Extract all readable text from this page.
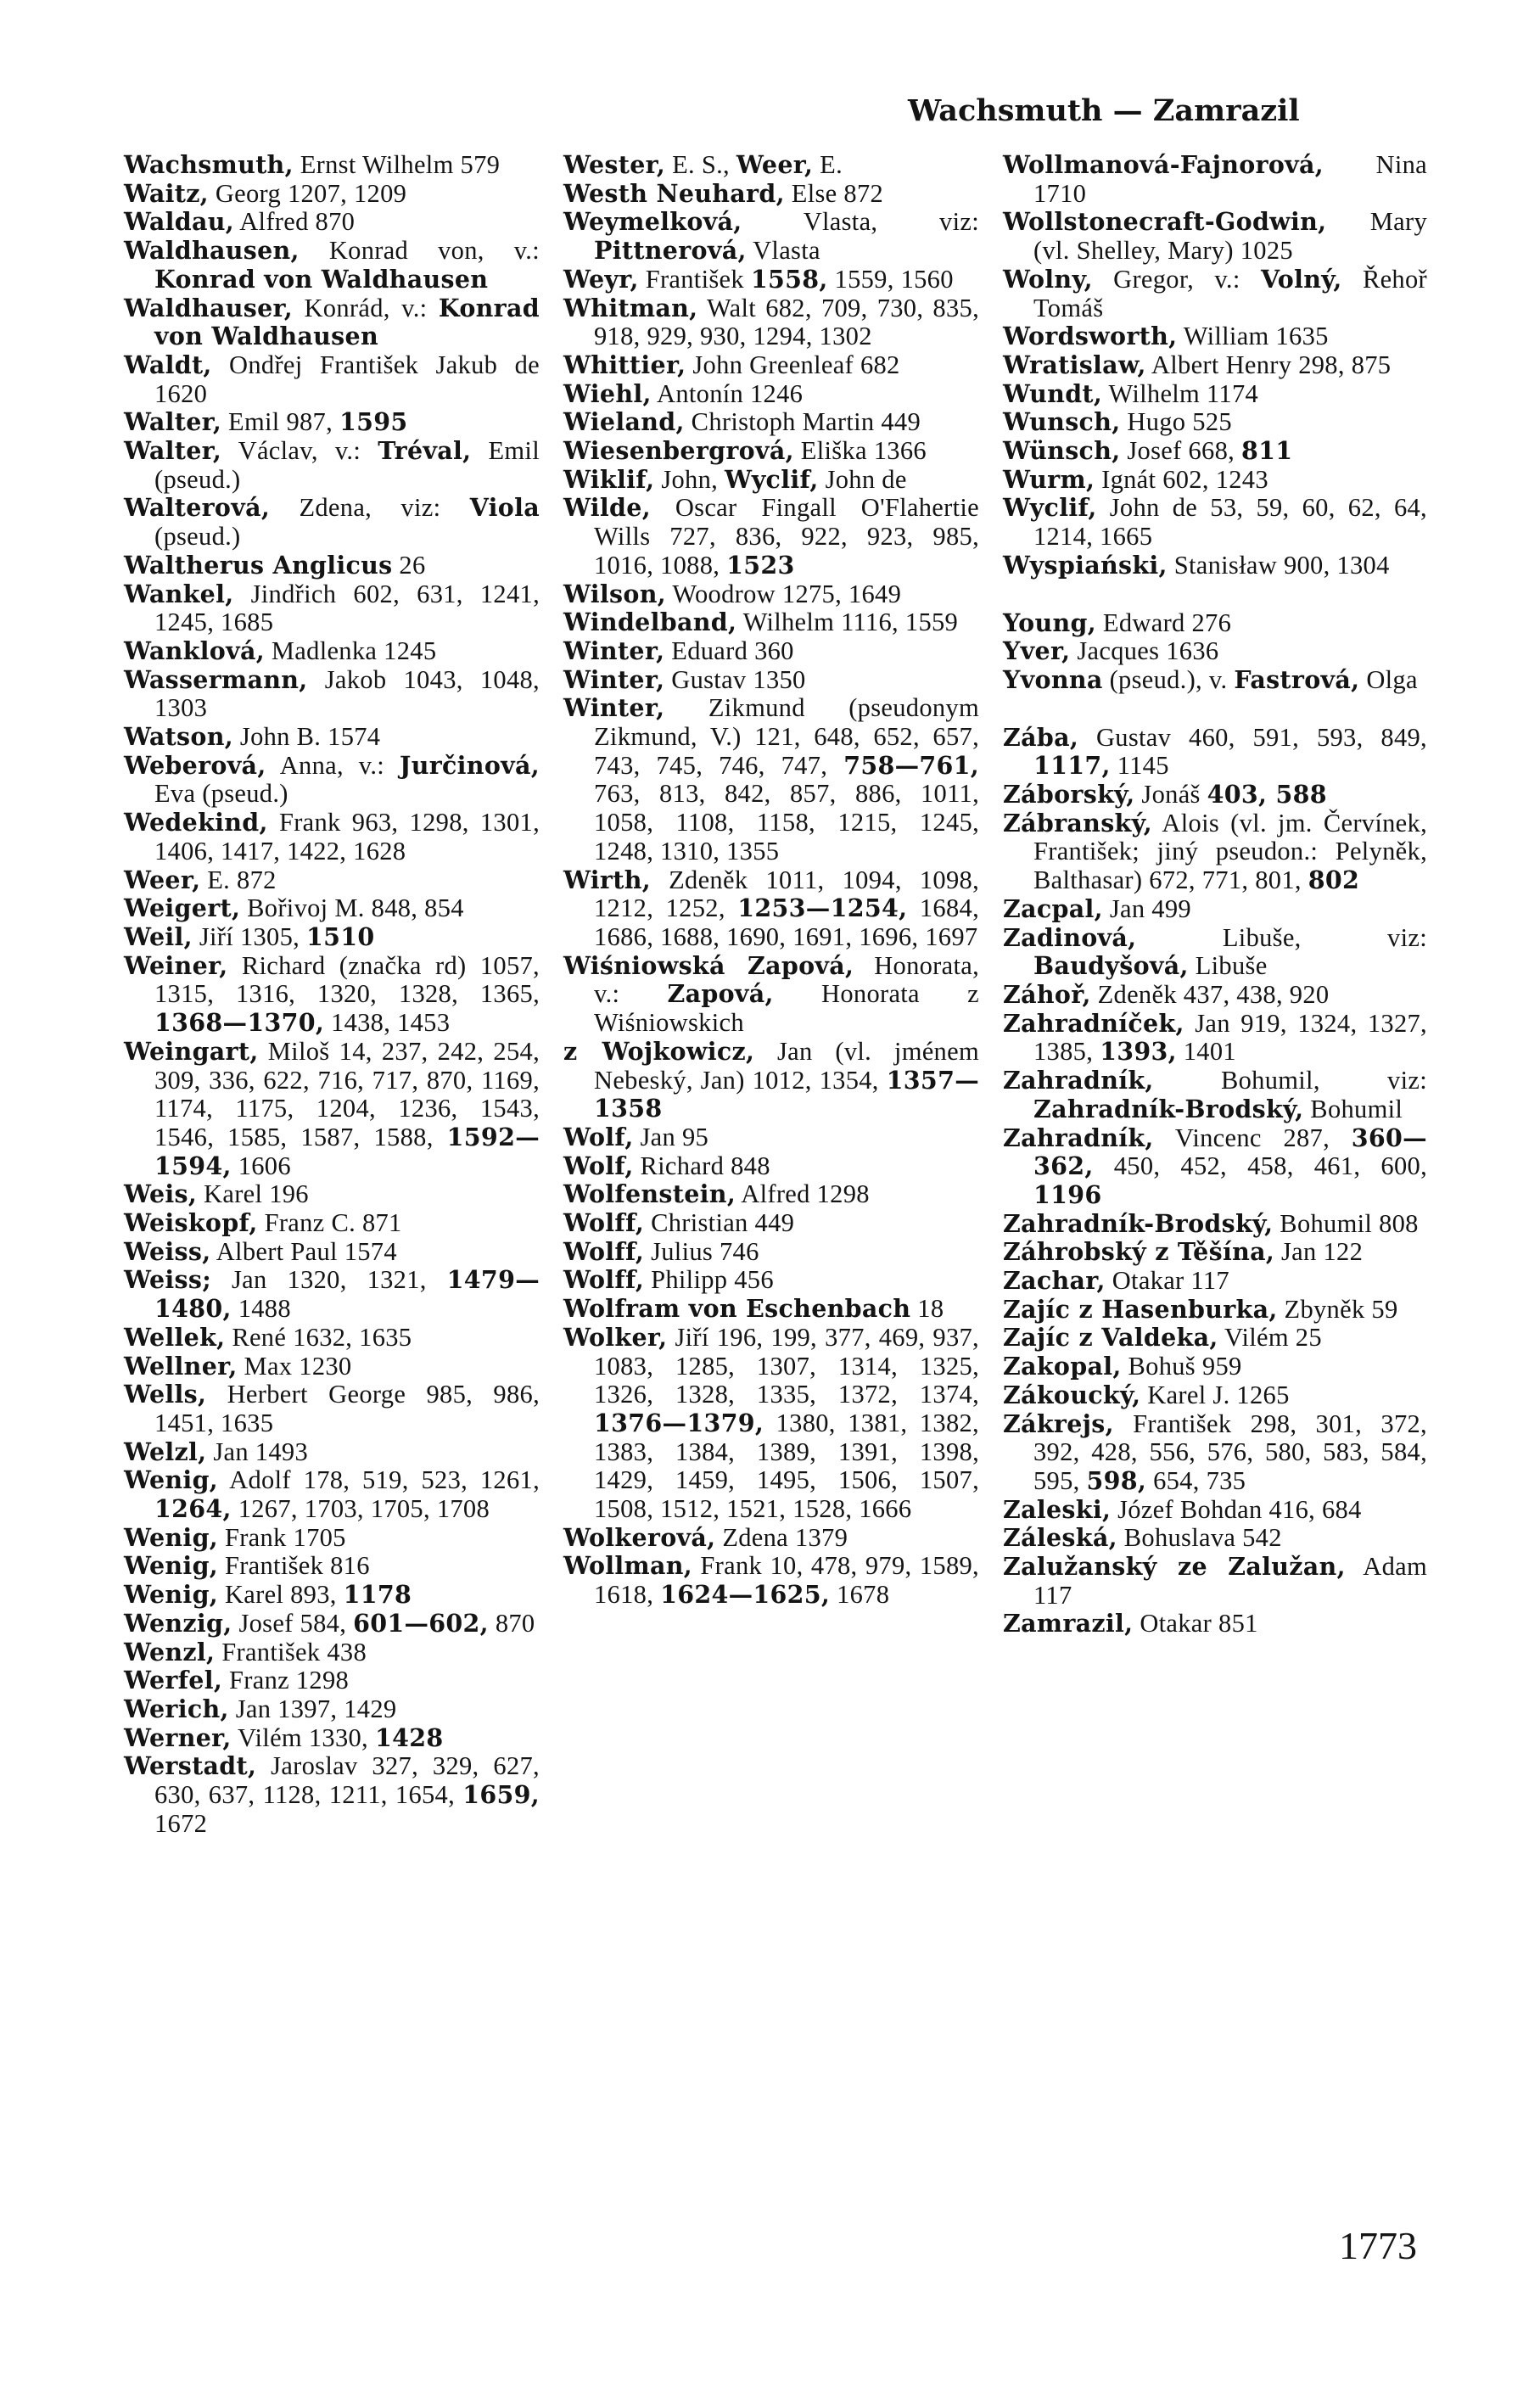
Wachsmuth — Zamrazil

Wachsmuth, Ernst Wilhelm 579

Waitz, Georg 1207, 1209

Waldau, Alfred 870

Waldhausen, Konrad von, v.: Konrad von Waldhausen

Waldhauser, Konrád, v.: Konrad von Waldhausen

Waldt, Ondřej František Jakub de 1620

Walter, Emil 987, 1595

Walter, Václav, v.: Tréval, Emil (pseud.)

Walterová, Zdena, viz: Viola (pseud.)

Waltherus Anglicus 26

Wankel, Jindřich 602, 631, 1241, 1245, 1685

Wanklová, Madlenka 1245

Wassermann, Jakob 1043, 1048, 1303

Watson, John B. 1574

Weberová, Anna, v.: Jurčinová, Eva (pseud.)

Wedekind, Frank 963, 1298, 1301, 1406, 1417, 1422, 1628

Weer, E. 872

Weigert, Bořivoj M. 848, 854

Weil, Jiří 1305, 1510

Weiner, Richard (značka rd) 1057, 1315, 1316, 1320, 1328, 1365, 1368—1370, 1438, 1453

Weingart, Miloš 14, 237, 242, 254, 309, 336, 622, 716, 717, 870, 1169, 1174, 1175, 1204, 1236, 1543, 1546, 1585, 1587, 1588, 1592—1594, 1606

Weis, Karel 196

Weiskopf, Franz C. 871

Weiss, Albert Paul 1574

Weiss; Jan 1320, 1321, 1479—1480, 1488

Wellek, René 1632, 1635

Wellner, Max 1230

Wells, Herbert George 985, 986, 1451, 1635

Welzl, Jan 1493

Wenig, Adolf 178, 519, 523, 1261, 1264, 1267, 1703, 1705, 1708

Wenig, Frank 1705

Wenig, František 816

Wenig, Karel 893, 1178

Wenzig, Josef 584, 601—602, 870

Wenzl, František 438

Werfel, Franz 1298

Werich, Jan 1397, 1429

Werner, Vilém 1330, 1428

Werstadt, Jaroslav 327, 329, 627, 630, 637, 1128, 1211, 1654, 1659, 1672

Wester, E. S., Weer, E.

Westh Neuhard, Else 872

Weymelková, Vlasta, viz: Pittnerová, Vlasta

Weyr, František 1558, 1559, 1560

Whitman, Walt 682, 709, 730, 835, 918, 929, 930, 1294, 1302

Whittier, John Greenleaf 682

Wiehl, Antonín 1246

Wieland, Christoph Martin 449

Wiesenbergrová, Eliška 1366

Wiklif, John, Wyclif, John de

Wilde, Oscar Fingall O'Flahertie Wills 727, 836, 922, 923, 985, 1016, 1088, 1523

Wilson, Woodrow 1275, 1649

Windelband, Wilhelm 1116, 1559

Winter, Eduard 360

Winter, Gustav 1350

Winter, Zikmund (pseudonym Zikmund, V.) 121, 648, 652, 657, 743, 745, 746, 747, 758—761, 763, 813, 842, 857, 886, 1011, 1058, 1108, 1158, 1215, 1245, 1248, 1310, 1355

Wirth, Zdeněk 1011, 1094, 1098, 1212, 1252, 1253—1254, 1684, 1686, 1688, 1690, 1691, 1696, 1697

Wiśniowská Zapová, Honorata, v.: Zapová, Honorata z Wiśniowskich

z Wojkowicz, Jan (vl. jménem Nebeský, Jan) 1012, 1354, 1357—1358

Wolf, Jan 95

Wolf, Richard 848

Wolfenstein, Alfred 1298

Wolff, Christian 449

Wolff, Julius 746

Wolff, Philipp 456

Wolfram von Eschenbach 18

Wolker, Jiří 196, 199, 377, 469, 937, 1083, 1285, 1307, 1314, 1325, 1326, 1328, 1335, 1372, 1374, 1376—1379, 1380, 1381, 1382, 1383, 1384, 1389, 1391, 1398, 1429, 1459, 1495, 1506, 1507, 1508, 1512, 1521, 1528, 1666

Wolkerová, Zdena 1379

Wollman, Frank 10, 478, 979, 1589, 1618, 1624—1625, 1678

Wollmanová-Fajnorová, Nina 1710

Wollstonecraft-Godwin, Mary (vl. Shelley, Mary) 1025

Wolny, Gregor, v.: Volný, Řehoř Tomáš

Wordsworth, William 1635

Wratislaw, Albert Henry 298, 875

Wundt, Wilhelm 1174

Wunsch, Hugo 525

Wünsch, Josef 668, 811

Wurm, Ignát 602, 1243

Wyclif, John de 53, 59, 60, 62, 64, 1214, 1665

Wyspiański, Stanisław 900, 1304

Young, Edward 276

Yver, Jacques 1636

Yvonna (pseud.), v. Fastrová, Olga

Zába, Gustav 460, 591, 593, 849, 1117, 1145

Záborský, Jonáš 403, 588

Zábranský, Alois (vl. jm. Červínek, František; jiný pseudon.: Pelyněk, Balthasar) 672, 771, 801, 802

Zacpal, Jan 499

Zadinová,	Libuše, viz: Baudyšová, Libuše

Záhoř, Zdeněk 437, 438, 920

Zahradníček, Jan 919, 1324, 1327, 1385, 1393, 1401

Zahradník,	Bohumil, viz: Zahradník-Brodský, Bohumil

Zahradník, Vincenc 287, 360—362, 450, 452, 458, 461, 600, 1196

Zahradník-Brodský, Bohumil 808

Záhrobský z Těšína, Jan 122

Zachar, Otakar 117

Zajíc z Hasenburka, Zbyněk 59

Zajíc z Valdeka, Vilém 25

Zakopal, Bohuš 959

Zákoucký, Karel J. 1265

Zákrejs, František 298, 301, 372, 392, 428, 556, 576, 580, 583, 584, 595, 598, 654, 735

Zaleski, Józef Bohdan 416, 684

Záleská, Bohuslava 542

Zalužanský ze Zalužan, Adam 117

Zamrazil, Otakar 851

1773
